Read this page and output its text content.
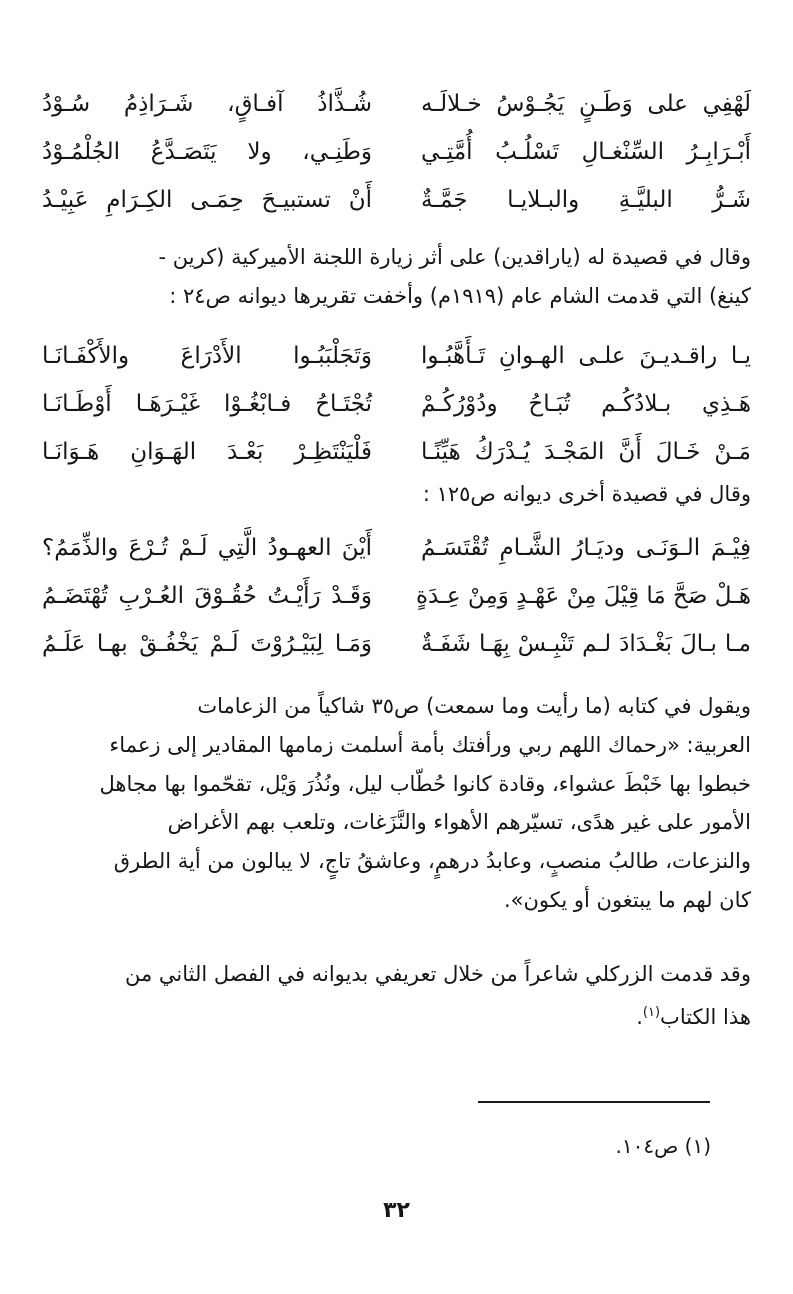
لَهْفِي على وَطَـنٍ يَجُـوْسُ خـلالَـه
شُـذَّاذُ آفـاقٍ، شَـرَاذِمُ سُـوْدُ
أَبْـرَابِـرُ السِّنْغـالِ تَسْلُـبُ أُمَّتِـي
وَطَنِـي، ولا يَتَصَـدَّعُ الجُلْمُـوْدُ
شَـرُّ البليَّـةِ والبـلايـا جَمَّـةٌ
أَنْ تستبيـحَ حِمَـى الكِـرَامِ عَبِيْـدُ

وقال في قصيدة له (ياراقدين) على أثر زيارة اللجنة الأميركية (كرين -

كينغ) التي قدمت الشام عام (١٩١٩م) وأخفت تقريرها ديوانه ص٢٤ :

يـا راقـديـنَ علـى الهـوانِ تَـأَهَّبُـوا
وَتَجَلْبَبُـوا الأَدْرَاعَ والأَكْفَـانَـا
هَـذِي بـلادُكُـم تُبَـاحُ ودُوْرُكُـمْ
تُجْتَـاحُ فـابْغُـوْا غَيْـرَهَـا أَوْطَـانَـا
مَـنْ خَـالَ أَنَّ المَجْـدَ يُـدْرَكُ هَيِّنًـا
فَلْيَنْتَظِـرْ بَعْـدَ الهَـوَانِ هَـوَانَـا

وقال في قصيدة أخرى ديوانه ص١٢٥ :

فِيْـمَ الـوَنَـى وديَـارُ الشَّـامِ تُقْتَسَـمُ
أَيْنَ العهـودُ الَّتِي لَـمْ تُـرْعَ والذِّمَمُ؟
هَـلْ صَحَّ مَا قِيْلَ مِنْ عَهْـدٍ وَمِنْ عِـدَةٍ
وَقَـدْ رَأَيْـتُ حُقُـوْقَ العُـرْبِ تُهْتَضَـمُ
مـا بـالَ بَغْـدَادَ لـم تَنْبِـسْ بِهَـا شَفَـةٌ
وَمَـا لِبَيْـرُوْتَ لَـمْ يَخْفُـقْ بهـا عَلَـمُ

ويقول في كتابه (ما رأيت وما سمعت) ص٣٥ شاكياً من الزعامات
العربية: «رحماك اللهم ربي ورأفتك بأمة أسلمت زمامها المقادير إلى زعماء
خبطوا بها خَبْطَ عشواء، وقادة كانوا حُطّاب ليل، ونُذُرَ وَيْل، تقحّموا بها مجاهل
الأمور على غير هدًى، تسيّرهم الأهواء والنَّزَغات، وتلعب بهم الأغراض
والنزعات، طالبُ منصبٍ، وعابدُ درهمٍ، وعاشقُ تاجٍ، لا يبالون من أية الطرق

كان لهم ما يبتغون أو يكون».

وقد قدمت الزركلي شاعراً من خلال تعريفي بديوانه في الفصل الثاني من

هذا الكتاب$^{(١)}$.

(١) ص١٠٤.
٣٢
